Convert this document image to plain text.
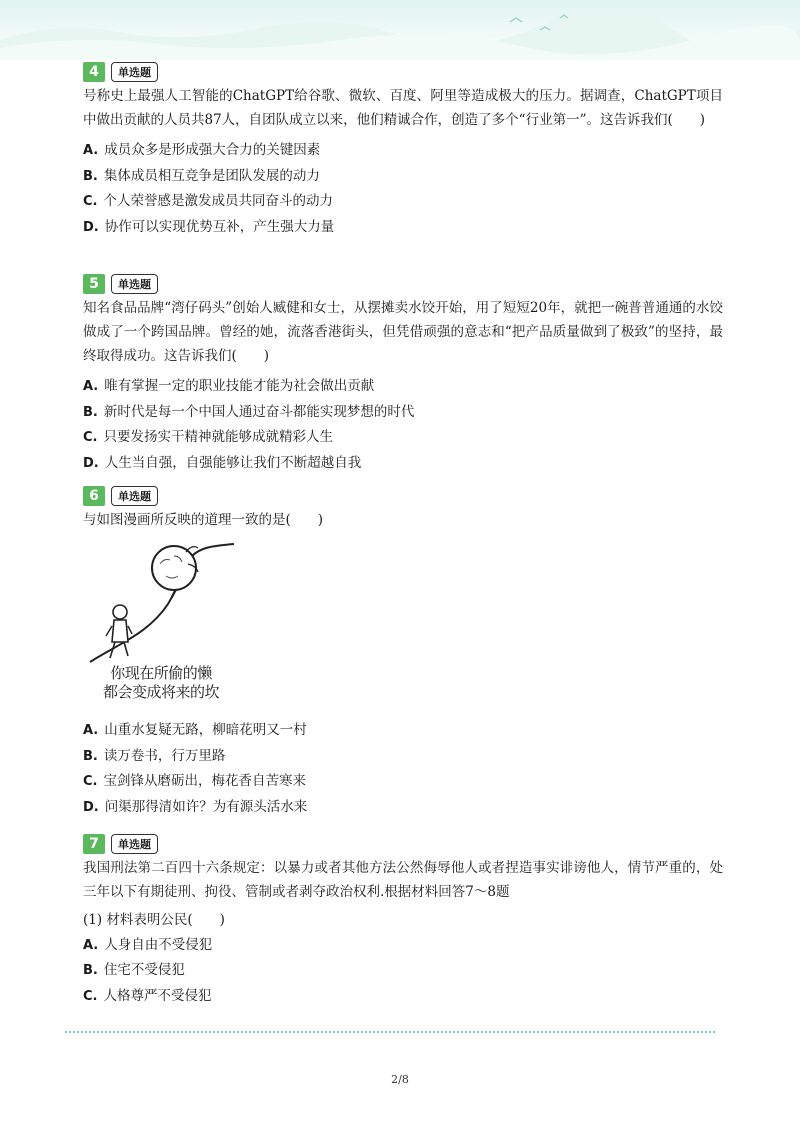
4	单选题
号称史上最强人工智能的ChatGPT给谷歌、微软、百度、阿里等造成极大的压力。据调查，ChatGPT项目中做出贡献的人员共87人，自团队成立以来，他们精诚合作，创造了多个“行业第一”。这告诉我们(　　)
A. 成员众多是形成强大合力的关键因素
B. 集体成员相互竞争是团队发展的动力
C. 个人荣誉感是激发成员共同奋斗的动力
D. 协作可以实现优势互补，产生强大力量
5	单选题
知名食品品牌“湾仔码头”创始人臧健和女士，从摆摊卖水饺开始，用了短短20年，就把一碗普普通通的水饺做成了一个跨国品牌。曾经的她，流落香港街头，但凭借顽强的意志和“把产品质量做到了极致”的坚持，最终取得成功。这告诉我们(　　)
A. 唯有掌握一定的职业技能才能为社会做出贡献
B. 新时代是每一个中国人通过奋斗都能实现梦想的时代
C. 只要发扬实干精神就能够成就精彩人生
D. 人生当自强，自强能够让我们不断超越自我
6	单选题
与如图漫画所反映的道理一致的是(　　)
你现在所偷的懒
都会变成将来的坎
A. 山重水复疑无路，柳暗花明又一村
B. 读万卷书，行万里路
C. 宝剑锋从磨砺出，梅花香自苦寒来
D. 问渠那得清如许？为有源头活水来
7	单选题
我国刑法第二百四十六条规定：以暴力或者其他方法公然侮辱他人或者捏造事实诽谤他人，情节严重的，处三年以下有期徒刑、拘役、管制或者剥夺政治权利.根据材料回答7～8题
(1) 材料表明公民(　　)
A. 人身自由不受侵犯
B. 住宅不受侵犯
C. 人格尊严不受侵犯
2/8
